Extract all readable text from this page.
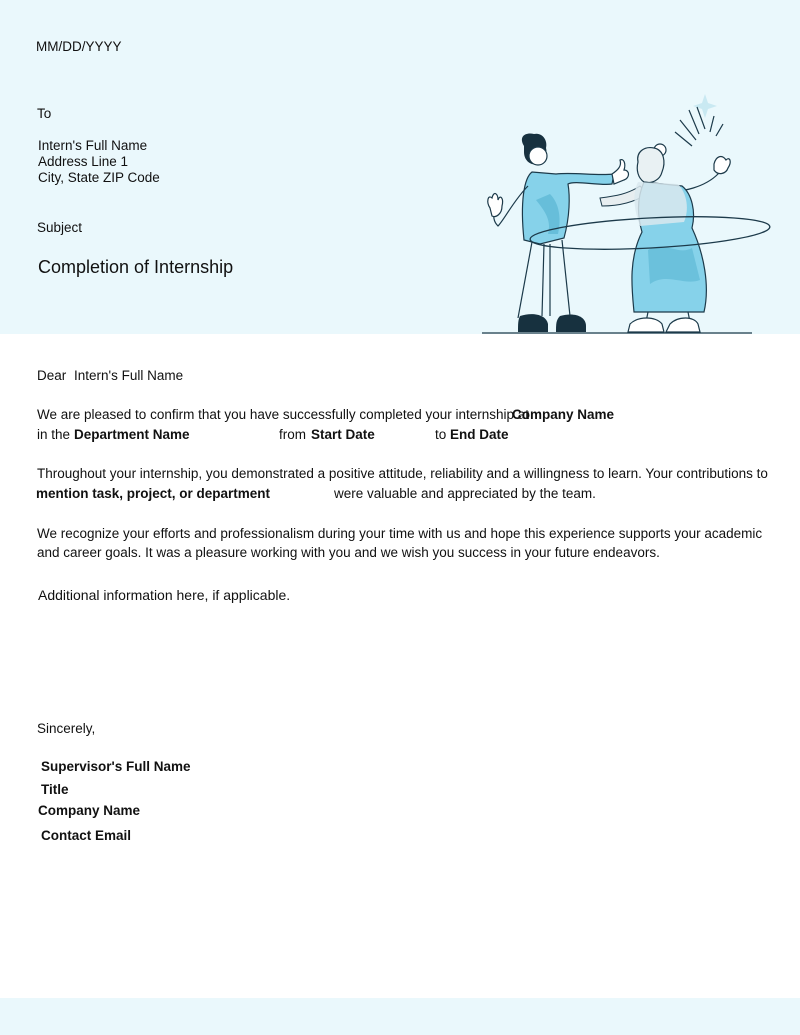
MM/DD/YYYY
To
Intern's Full Name
Address Line 1
City, State ZIP Code
Subject
Completion of Internship
Dear Intern's Full Name
We are pleased to confirm that you have successfully completed your internship at
Company Name
in the Department Name	from Start Date	to End Date
Throughout your internship, you demonstrated a positive attitude, reliability and a willingness to learn. Your contributions to
mention task, project, or department	were valuable and appreciated by the team.
We recognize your efforts and professionalism during your time with us and hope this experience supports your academic and career goals. It was a pleasure working with you and we wish you success in your future endeavors.
Additional information here, if applicable.
Sincerely,
Supervisor's Full Name
Title
Company Name
Contact Email
